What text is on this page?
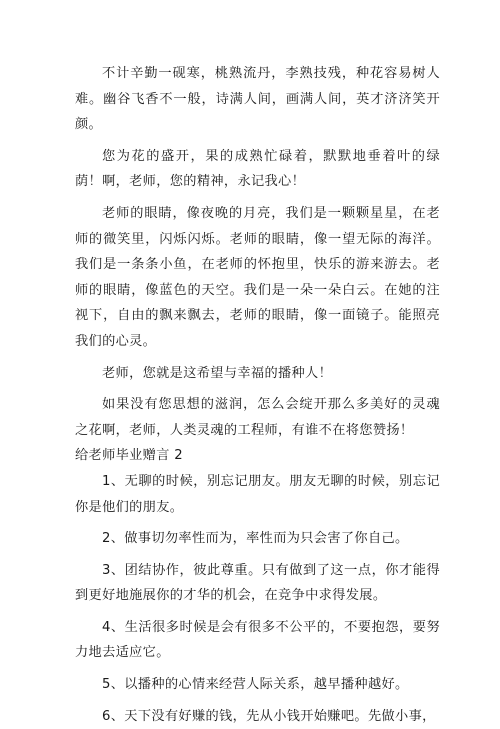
不计辛勤一砚寒，桃熟流丹，李熟技残，种花容易树人难。幽谷飞香不一般，诗满人间，画满人间，英才济济笑开颜。

您为花的盛开，果的成熟忙碌着，默默地垂着叶的绿荫！啊，老师，您的精神，永记我心！

老师的眼睛，像夜晚的月亮，我们是一颗颗星星，在老师的微笑里，闪烁闪烁。老师的眼睛，像一望无际的海洋。我们是一条条小鱼，在老师的怀抱里，快乐的游来游去。老师的眼睛，像蓝色的天空。我们是一朵一朵白云。在她的注视下，自由的飘来飘去，老师的眼睛，像一面镜子。能照亮我们的心灵。

老师，您就是这希望与幸福的播种人！

如果没有您思想的滋润，怎么会绽开那么多美好的灵魂之花啊，老师，人类灵魂的工程师，有谁不在将您赞扬！

给老师毕业赠言 2

1、无聊的时候，别忘记朋友。朋友无聊的时候，别忘记你是他们的朋友。

2、做事切勿率性而为，率性而为只会害了你自己。

3、团结协作，彼此尊重。只有做到了这一点，你才能得到更好地施展你的才华的机会，在竞争中求得发展。

4、生活很多时候是会有很多不公平的，不要抱怨，要努力地去适应它。

5、以播种的心情来经营人际关系，越早播种越好。

6、天下没有好赚的钱，先从小钱开始赚吧。先做小事，
